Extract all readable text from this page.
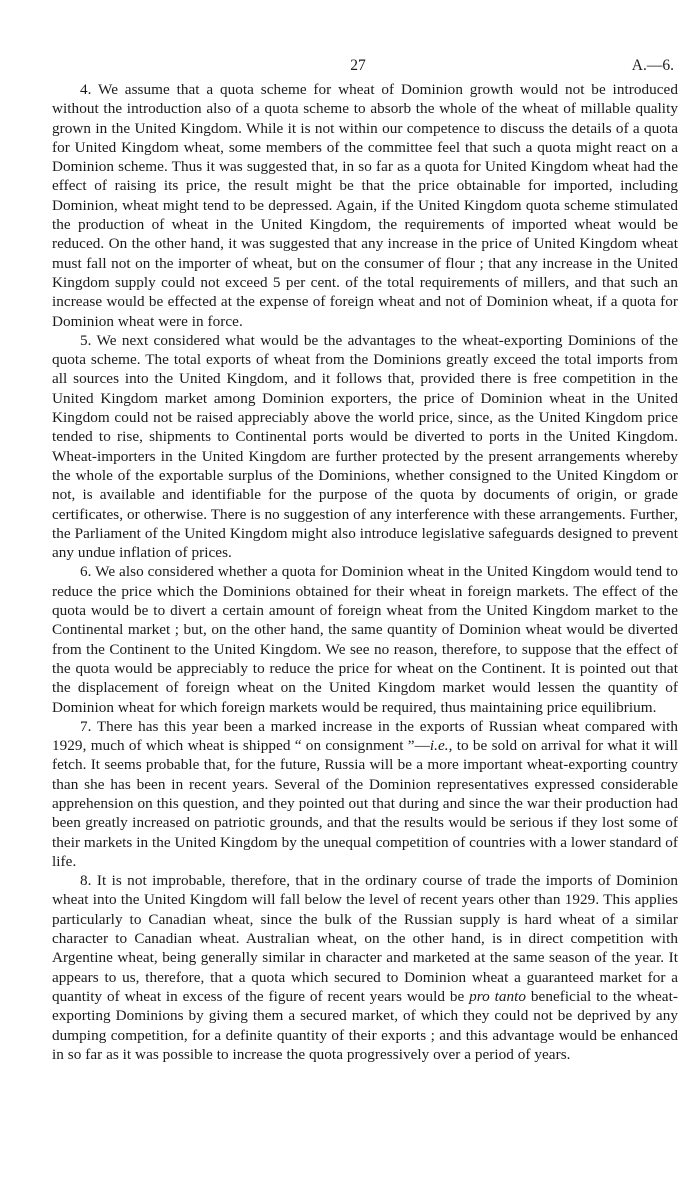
27	A.—6.

4. We assume that a quota scheme for wheat of Dominion growth would not be introduced without the introduction also of a quota scheme to absorb the whole of the wheat of millable quality grown in the United Kingdom. While it is not within our competence to discuss the details of a quota for United Kingdom wheat, some members of the committee feel that such a quota might react on a Dominion scheme. Thus it was suggested that, in so far as a quota for United Kingdom wheat had the effect of raising its price, the result might be that the price obtainable for imported, including Dominion, wheat might tend to be depressed. Again, if the United Kingdom quota scheme stimulated the production of wheat in the United Kingdom, the requirements of imported wheat would be reduced. On the other hand, it was suggested that any increase in the price of United Kingdom wheat must fall not on the importer of wheat, but on the consumer of flour ; that any increase in the United Kingdom supply could not exceed 5 per cent. of the total requirements of millers, and that such an increase would be effected at the expense of foreign wheat and not of Dominion wheat, if a quota for Dominion wheat were in force.

5. We next considered what would be the advantages to the wheat-exporting Dominions of the quota scheme. The total exports of wheat from the Dominions greatly exceed the total imports from all sources into the United Kingdom, and it follows that, provided there is free competition in the United Kingdom market among Dominion exporters, the price of Dominion wheat in the United Kingdom could not be raised appreciably above the world price, since, as the United Kingdom price tended to rise, shipments to Continental ports would be diverted to ports in the United Kingdom. Wheat-importers in the United Kingdom are further protected by the present arrangements whereby the whole of the exportable surplus of the Dominions, whether consigned to the United Kingdom or not, is available and identifiable for the purpose of the quota by documents of origin, or grade certificates, or otherwise. There is no suggestion of any interference with these arrangements. Further, the Parliament of the United Kingdom might also introduce legislative safeguards designed to prevent any undue inflation of prices.

6. We also considered whether a quota for Dominion wheat in the United Kingdom would tend to reduce the price which the Dominions obtained for their wheat in foreign markets. The effect of the quota would be to divert a certain amount of foreign wheat from the United Kingdom market to the Continental market ; but, on the other hand, the same quantity of Dominion wheat would be diverted from the Continent to the United Kingdom. We see no reason, therefore, to suppose that the effect of the quota would be appreciably to reduce the price for wheat on the Continent. It is pointed out that the displacement of foreign wheat on the United Kingdom market would lessen the quantity of Dominion wheat for which foreign markets would be required, thus maintaining price equilibrium.

7. There has this year been a marked increase in the exports of Russian wheat compared with 1929, much of which wheat is shipped “ on consignment ”—i.e., to be sold on arrival for what it will fetch. It seems probable that, for the future, Russia will be a more important wheat-exporting country than she has been in recent years. Several of the Dominion representatives expressed considerable apprehension on this question, and they pointed out that during and since the war their production had been greatly increased on patriotic grounds, and that the results would be serious if they lost some of their markets in the United Kingdom by the unequal competition of countries with a lower standard of life.

8. It is not improbable, therefore, that in the ordinary course of trade the imports of Dominion wheat into the United Kingdom will fall below the level of recent years other than 1929. This applies particularly to Canadian wheat, since the bulk of the Russian supply is hard wheat of a similar character to Canadian wheat. Australian wheat, on the other hand, is in direct competition with Argentine wheat, being generally similar in character and marketed at the same season of the year. It appears to us, therefore, that a quota which secured to Dominion wheat a guaranteed market for a quantity of wheat in excess of the figure of recent years would be pro tanto beneficial to the wheat-exporting Dominions by giving them a secured market, of which they could not be deprived by any dumping competition, for a definite quantity of their exports ; and this advantage would be enhanced in so far as it was possible to increase the quota progressively over a period of years.
